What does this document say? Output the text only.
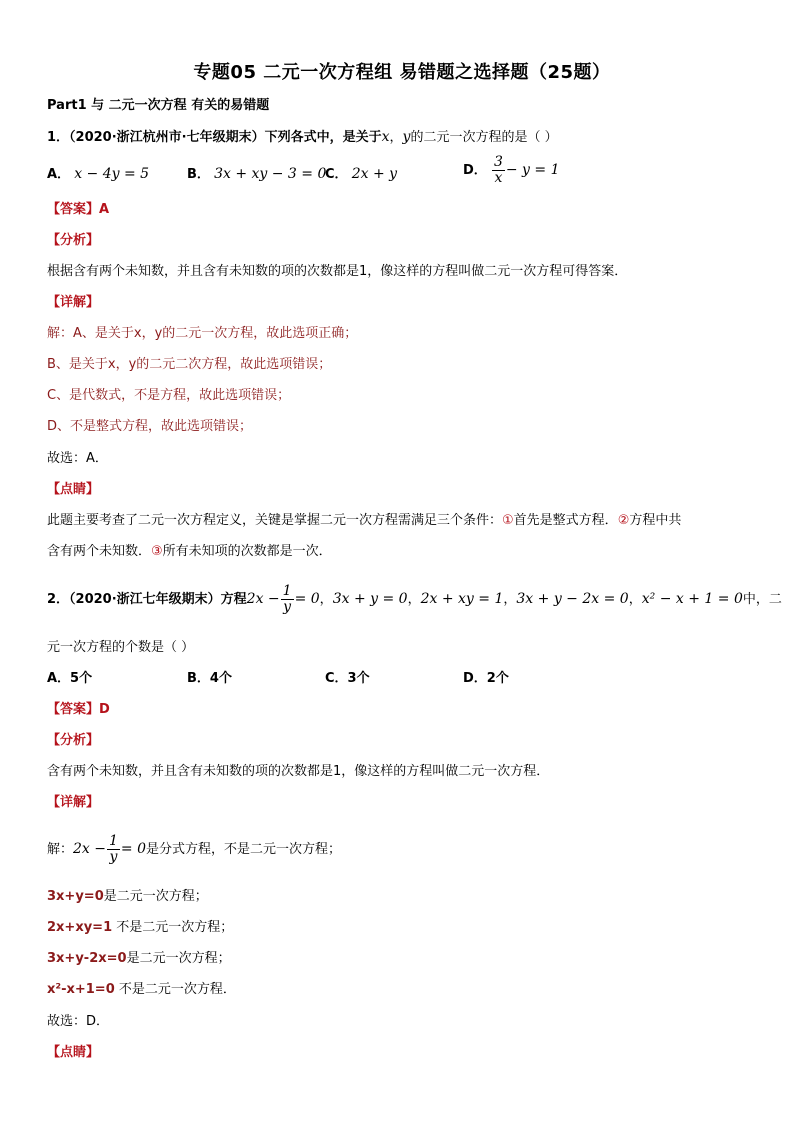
专题05 二元一次方程组 易错题之选择题（25题）
Part1 与 二元一次方程 有关的易错题
1．（2020·浙江杭州市·七年级期末）下列各式中，是关于x，y的二元一次方程的是（ ）
A． x − 4y = 5	B． 3x + xy − 3 = 0
C． 2x + y	D． $\frac{3}{x} - y = 1$
【答案】A
【分析】
根据含有两个未知数，并且含有未知数的项的次数都是1，像这样的方程叫做二元一次方程可得答案．
【详解】
解：A、是关于x，y的二元一次方程，故此选项正确；
B、是关于x，y的二元二次方程，故此选项错误；
C、是代数式，不是方程，故此选项错误；
D、不是整式方程，故此选项错误；
故选：A．
【点睛】
此题主要考查了二元一次方程定义，关键是掌握二元一次方程需满足三个条件：①首先是整式方程．②方程中共
含有两个未知数．③所有未知项的次数都是一次．
2．（2020·浙江七年级期末）方程$2x - \frac{1}{y} = 0$，3x + y = 0，2x + xy = 1，3x + y − 2x = 0，x² − x + 1 = 0中，二
元一次方程的个数是（ ）
A．5个	B．4个	C．3个	D．2个
【答案】D
【分析】
含有两个未知数，并且含有未知数的项的次数都是1，像这样的方程叫做二元一次方程．
【详解】
解：$2x - \frac{1}{y} = 0$是分式方程，不是二元一次方程；
3x+y=0是二元一次方程；
2x+xy=1 不是二元一次方程；
3x+y-2x=0是二元一次方程；
x²-x+1=0 不是二元一次方程．
故选：D．
【点睛】
